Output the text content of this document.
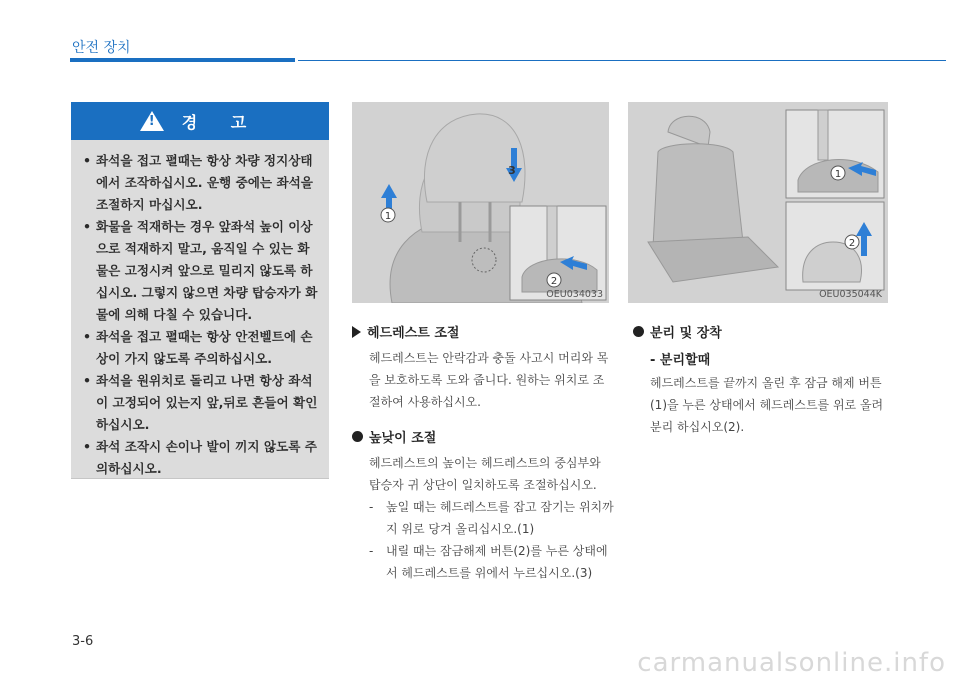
안전 장치
! 경 고
• 좌석을 접고 펼때는 항상 차량 정지상태에서 조작하십시오. 운행 중에는 좌석을 조절하지 마십시오.
• 화물을 적재하는 경우 앞좌석 높이 이상으로 적재하지 말고, 움직일 수 있는 화물은 고정시켜 앞으로 밀리지 않도록 하십시오. 그렇지 않으면 차량 탑승자가 화물에 의해 다칠 수 있습니다.
• 좌석을 접고 펼때는 항상 안전벨트에 손상이 가지 않도록 주의하십시오.
• 좌석을 원위치로 돌리고 나면 항상 좌석이 고정되어 있는지 앞,뒤로 흔들어 확인하십시오.
• 좌석 조작시 손이나 발이 끼지 않도록 주의하십시오.
1
3
2
OEU034033
1
2
OEU035044K
헤드레스트 조절
헤드레스트는 안락감과 충돌 사고시 머리와 목을 보호하도록 도와 줍니다. 원하는 위치로 조절하여 사용하십시오.
높낮이 조절
헤드레스트의 높이는 헤드레스트의 중심부와 탑승자 귀 상단이 일치하도록 조절하십시오.
- 높일 때는 헤드레스트를 잡고 잠기는 위치까지 위로 당겨 올리십시오.(1)
- 내릴 때는 잠금해제 버튼(2)를 누른 상태에서 헤드레스트를 위에서 누르십시오.(3)
분리 및 장착
- 분리할때
헤드레스트를 끝까지 올린 후 잠금 해제 버튼(1)을 누른 상태에서 헤드레스트를 위로 올려 분리 하십시오(2).
3-6
carmanualsonline.info
